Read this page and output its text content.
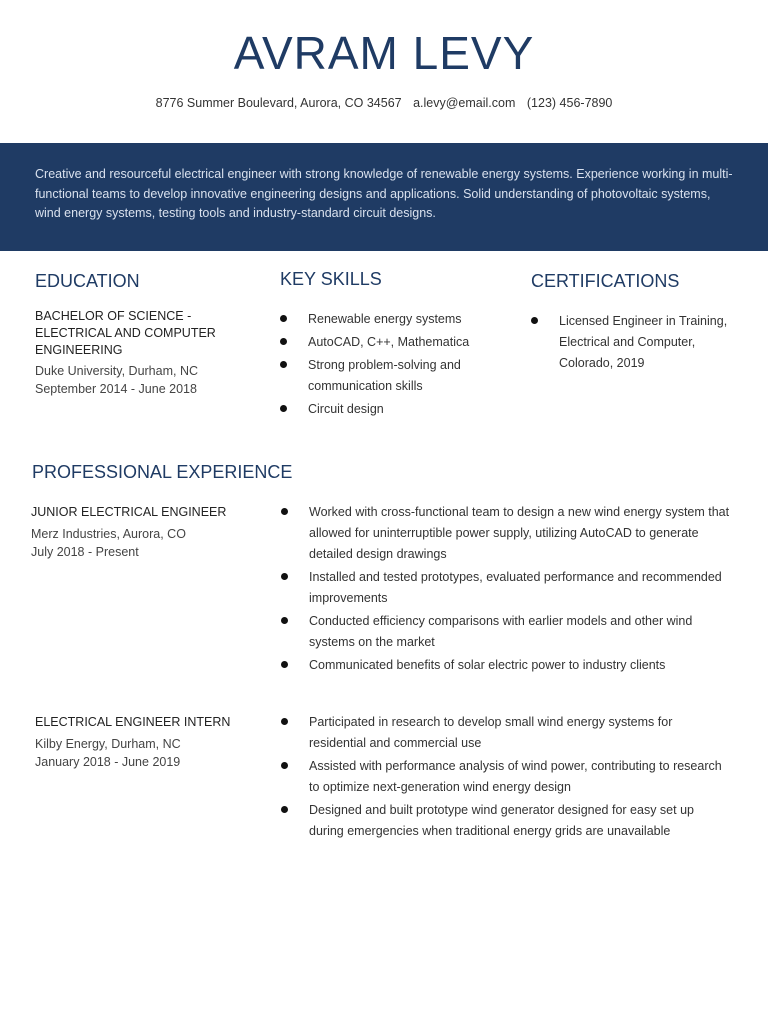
AVRAM LEVY
8776 Summer Boulevard, Aurora, CO 34567 a.levy@email.com (123) 456-7890

Creative and resourceful electrical engineer with strong knowledge of renewable energy systems. Experience working in multi-functional teams to develop innovative engineering designs and applications. Solid understanding of photovoltaic systems, wind energy systems, testing tools and industry-standard circuit designs.

EDUCATION
BACHELOR OF SCIENCE - ELECTRICAL AND COMPUTER ENGINEERING
Duke University, Durham, NC
September 2014 - June 2018
KEY SKILLS
Renewable energy systems
AutoCAD, C++, Mathematica
Strong problem-solving and communication skills
Circuit design
CERTIFICATIONS
Licensed Engineer in Training, Electrical and Computer, Colorado, 2019
PROFESSIONAL EXPERIENCE
JUNIOR ELECTRICAL ENGINEER
Merz Industries, Aurora, CO
July 2018 - Present
Worked with cross-functional team to design a new wind energy system that allowed for uninterruptible power supply, utilizing AutoCAD to generate detailed design drawings
Installed and tested prototypes, evaluated performance and recommended improvements
Conducted efficiency comparisons with earlier models and other wind systems on the market
Communicated benefits of solar electric power to industry clients
ELECTRICAL ENGINEER INTERN
Kilby Energy, Durham, NC
January 2018 - June 2019
Participated in research to develop small wind energy systems for residential and commercial use
Assisted with performance analysis of wind power, contributing to research to optimize next-generation wind energy design
Designed and built prototype wind generator designed for easy set up during emergencies when traditional energy grids are unavailable
